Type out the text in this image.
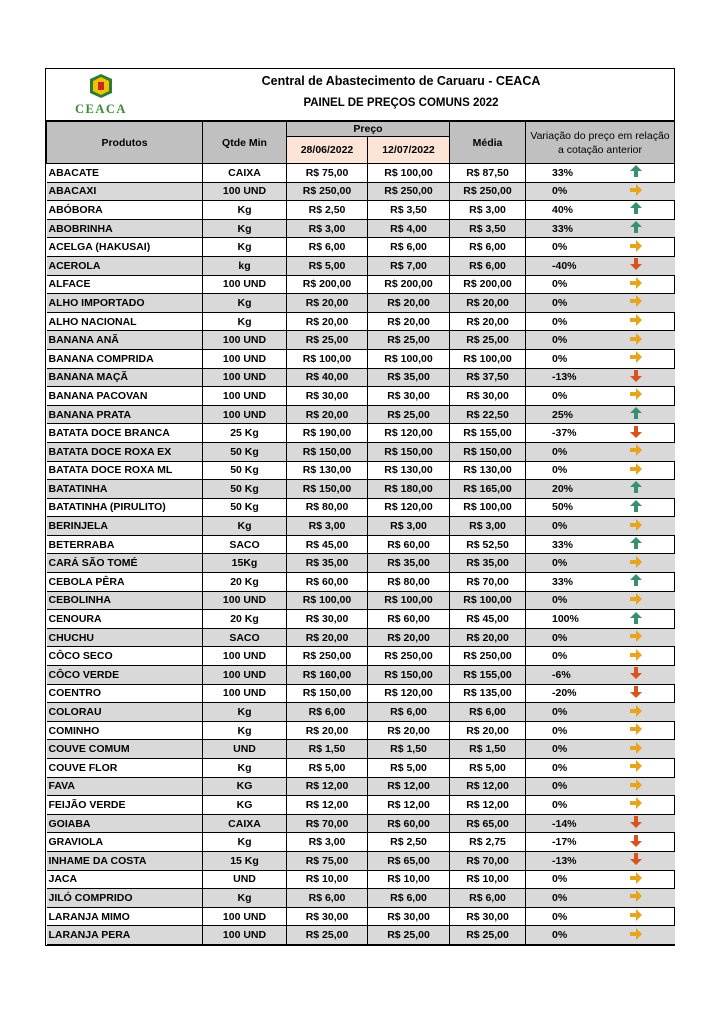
CEACA
Central de Abastecimento de Caruaru - CEACA
PAINEL DE PREÇOS COMUNS 2022
Produtos	Qtde Min	Preço		Média	Variação do preço em relação a cotação anterior	
		28/06/2022	12/07/2022			
ABACATE	CAIXA	R$ 75,00	R$ 100,00	R$ 87,50	33%	
ABACAXI	100 UND	R$ 250,00	R$ 250,00	R$ 250,00	0%	
ABÓBORA	Kg	R$ 2,50	R$ 3,50	R$ 3,00	40%	
ABOBRINHA	Kg	R$ 3,00	R$ 4,00	R$ 3,50	33%	
ACELGA (HAKUSAI)	Kg	R$ 6,00	R$ 6,00	R$ 6,00	0%	
ACEROLA	kg	R$ 5,00	R$ 7,00	R$ 6,00	-40%	
ALFACE	100 UND	R$ 200,00	R$ 200,00	R$ 200,00	0%	
ALHO IMPORTADO	Kg	R$ 20,00	R$ 20,00	R$ 20,00	0%	
ALHO NACIONAL	Kg	R$ 20,00	R$ 20,00	R$ 20,00	0%	
BANANA ANÃ	100 UND	R$ 25,00	R$ 25,00	R$ 25,00	0%	
BANANA COMPRIDA	100 UND	R$ 100,00	R$ 100,00	R$ 100,00	0%	
BANANA MAÇÃ	100 UND	R$ 40,00	R$ 35,00	R$ 37,50	-13%	
BANANA PACOVAN	100 UND	R$ 30,00	R$ 30,00	R$ 30,00	0%	
BANANA PRATA	100 UND	R$ 20,00	R$ 25,00	R$ 22,50	25%	
BATATA DOCE BRANCA	25 Kg	R$ 190,00	R$ 120,00	R$ 155,00	-37%	
BATATA DOCE ROXA EX	50 Kg	R$ 150,00	R$ 150,00	R$ 150,00	0%	
BATATA DOCE ROXA ML	50 Kg	R$ 130,00	R$ 130,00	R$ 130,00	0%	
BATATINHA	50 Kg	R$ 150,00	R$ 180,00	R$ 165,00	20%	
BATATINHA (PIRULITO)	50 Kg	R$ 80,00	R$ 120,00	R$ 100,00	50%	
BERINJELA	Kg	R$ 3,00	R$ 3,00	R$ 3,00	0%	
BETERRABA	SACO	R$ 45,00	R$ 60,00	R$ 52,50	33%	
CARÁ SÃO TOMÉ	15Kg	R$ 35,00	R$ 35,00	R$ 35,00	0%	
CEBOLA PÊRA	20 Kg	R$ 60,00	R$ 80,00	R$ 70,00	33%	
CEBOLINHA	100 UND	R$ 100,00	R$ 100,00	R$ 100,00	0%	
CENOURA	20 Kg	R$ 30,00	R$ 60,00	R$ 45,00	100%	
CHUCHU	SACO	R$ 20,00	R$ 20,00	R$ 20,00	0%	
CÔCO SECO	100 UND	R$ 250,00	R$ 250,00	R$ 250,00	0%	
CÔCO VERDE	100 UND	R$ 160,00	R$ 150,00	R$ 155,00	-6%	
COENTRO	100 UND	R$ 150,00	R$ 120,00	R$ 135,00	-20%	
COLORAU	Kg	R$ 6,00	R$ 6,00	R$ 6,00	0%	
COMINHO	Kg	R$ 20,00	R$ 20,00	R$ 20,00	0%	
COUVE COMUM	UND	R$ 1,50	R$ 1,50	R$ 1,50	0%	
COUVE FLOR	Kg	R$ 5,00	R$ 5,00	R$ 5,00	0%	
FAVA	KG	R$ 12,00	R$ 12,00	R$ 12,00	0%	
FEIJÃO VERDE	KG	R$ 12,00	R$ 12,00	R$ 12,00	0%	
GOIABA	CAIXA	R$ 70,00	R$ 60,00	R$ 65,00	-14%	
GRAVIOLA	Kg	R$ 3,00	R$ 2,50	R$ 2,75	-17%	
INHAME DA COSTA	15 Kg	R$ 75,00	R$ 65,00	R$ 70,00	-13%	
JACA	UND	R$ 10,00	R$ 10,00	R$ 10,00	0%	
JILÓ COMPRIDO	Kg	R$ 6,00	R$ 6,00	R$ 6,00	0%	
LARANJA MIMO	100 UND	R$ 30,00	R$ 30,00	R$ 30,00	0%	
LARANJA PERA	100 UND	R$ 25,00	R$ 25,00	R$ 25,00	0%	
